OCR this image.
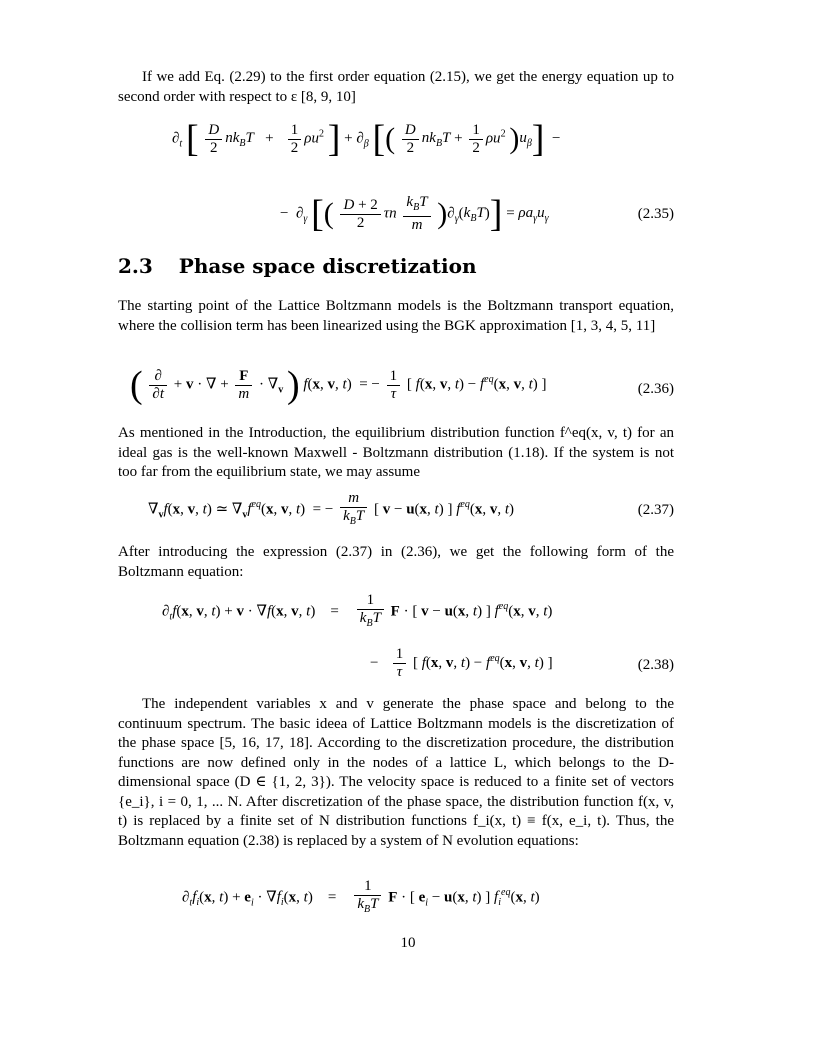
If we add Eq. (2.29) to the first order equation (2.15), we get the energy equation up to second order with respect to ε [8, 9, 10]
$\partial_t$ [ $\frac{D}{2} nk_BT + \frac{1}{2} \rho u^2$ ] + $\partial_\beta$ [( $\frac{D}{2} nk_BT + \frac{1}{2} \rho u^2$ )$u_\beta$]  −
−  $\partial_\gamma$ [( $\frac{D + 2}{2}$ τn $\frac{k_BT}{m} )\partial_\gamma(k_BT)] = \rho a_\gamma u_\gamma$	(2.35)
2.3 Phase space discretization
The starting point of the Lattice Boltzmann models is the Boltzmann transport equation, where the collision term has been linearized using the BGK approximation [1, 3, 4, 5, 11]
( $\frac{\partial}{\partial t} + v$ · ∇ + $\frac{F}{m} \cdot \nabla_v$ ) f(x, v, t)  = − $\frac{1}{\tau}$ [ f(x, v, $t) - f^{eq}(x$, v, t) ]	(2.36)
As mentioned in the Introduction, the equilibrium distribution function f^eq(x, v, t) for an ideal gas is the well-known Maxwell - Boltzmann distribution (1.18). If the system is not too far from the equilibrium state, we may assume
$\nabla_vf(x$, v, t) ≃ $\nabla_vf^{eq}(x$, v, t)  = − $\frac{m}{k_BT}$ [ v − u(x, t) ] $f^{eq}(x$, v, t)	(2.37)
After introducing the expression (2.37) in (2.36), we get the following form of the Boltzmann equation:
$\partial_tf(x$, v, t) + v · ∇f(x, v, t)    = $\frac{1}{k_BT}$ F · [ v − u(x, t) ] $f^{eq}(x$, v, t)
− $\frac{1}{\tau}$ [ f(x, v, $t) - f^{eq}(x$, v, t) ]	(2.38)
The independent variables x and v generate the phase space and belong to the continuum spectrum. The basic ideea of Lattice Boltzmann models is the discretization of the phase space [5, 16, 17, 18]. According to the discretization procedure, the distribution functions are now defined only in the nodes of a lattice L, which belongs to the D-dimensional space (D ∈ {1, 2, 3}). The velocity space is reduced to a finite set of vectors {e_i}, i = 0, 1, ... N. After discretization of the phase space, the distribution function f(x, v, t) is replaced by a finite set of N distribution functions f_i(x, t) ≡ f(x, e_i, t). Thus, the Boltzmann equation (2.38) is replaced by a system of N evolution equations:
$\partial_tf_i(x$, $t) + e_i \cdot \nabla f_i(x$, t)    = $\frac{1}{k_BT}$ F · [ $e_i - u(x$, t) ] $f_i^{eq}(x$, t)
10
